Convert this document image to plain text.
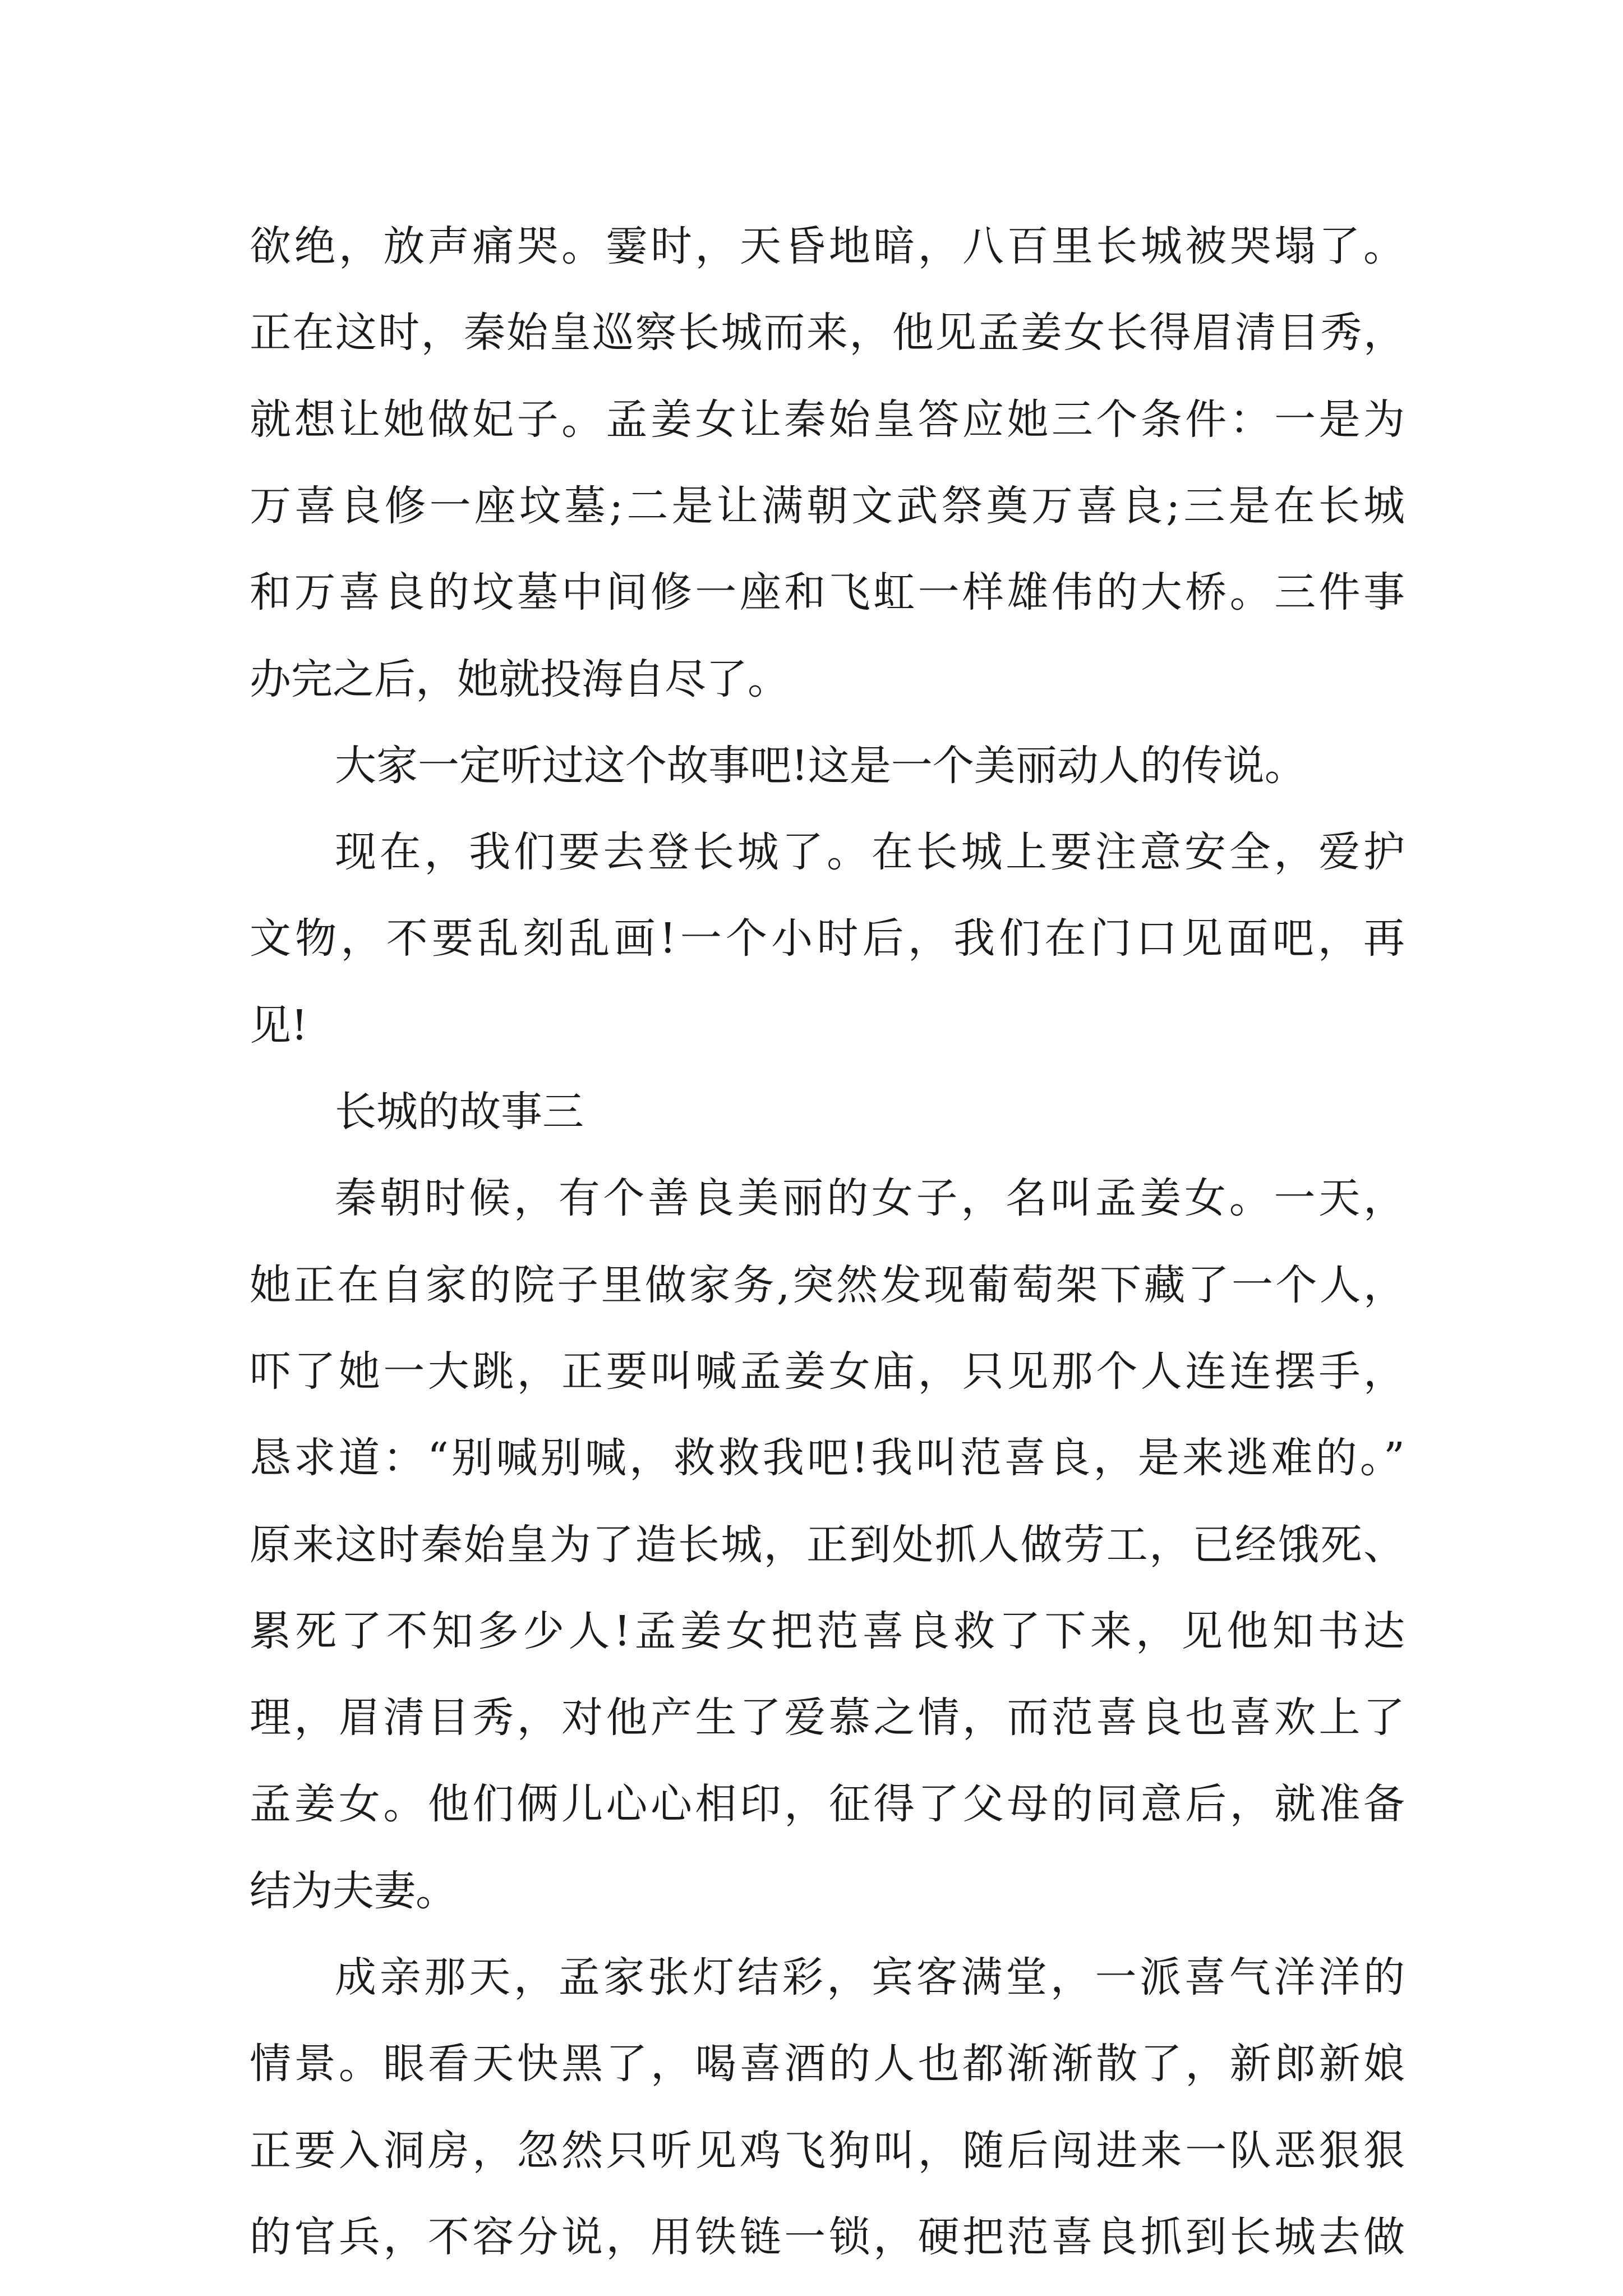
欲绝，放声痛哭。霎时，天昏地暗，八百里长城被哭塌了。
正在这时，秦始皇巡察长城而来，他见孟姜女长得眉清目秀，
就想让她做妃子。孟姜女让秦始皇答应她三个条件：一是为
万喜良修一座坟墓;二是让满朝文武祭奠万喜良;三是在长城
和万喜良的坟墓中间修一座和飞虹一样雄伟的大桥。三件事
办完之后，她就投海自尽了。
大家一定听过这个故事吧!这是一个美丽动人的传说。
现在，我们要去登长城了。在长城上要注意安全，爱护
文物，不要乱刻乱画!一个小时后，我们在门口见面吧，再
见!
长城的故事三
秦朝时候，有个善良美丽的女子，名叫孟姜女。一天，
她正在自家的院子里做家务,突然发现葡萄架下藏了一个人，
吓了她一大跳，正要叫喊孟姜女庙，只见那个人连连摆手，
恳求道：“别喊别喊，救救我吧!我叫范喜良，是来逃难的。”
原来这时秦始皇为了造长城，正到处抓人做劳工，已经饿死、
累死了不知多少人!孟姜女把范喜良救了下来，见他知书达
理，眉清目秀，对他产生了爱慕之情，而范喜良也喜欢上了
孟姜女。他们俩儿心心相印，征得了父母的同意后，就准备
结为夫妻。
成亲那天，孟家张灯结彩，宾客满堂，一派喜气洋洋的
情景。眼看天快黑了，喝喜酒的人也都渐渐散了，新郎新娘
正要入洞房，忽然只听见鸡飞狗叫，随后闯进来一队恶狠狠
的官兵，不容分说，用铁链一锁，硬把范喜良抓到长城去做
